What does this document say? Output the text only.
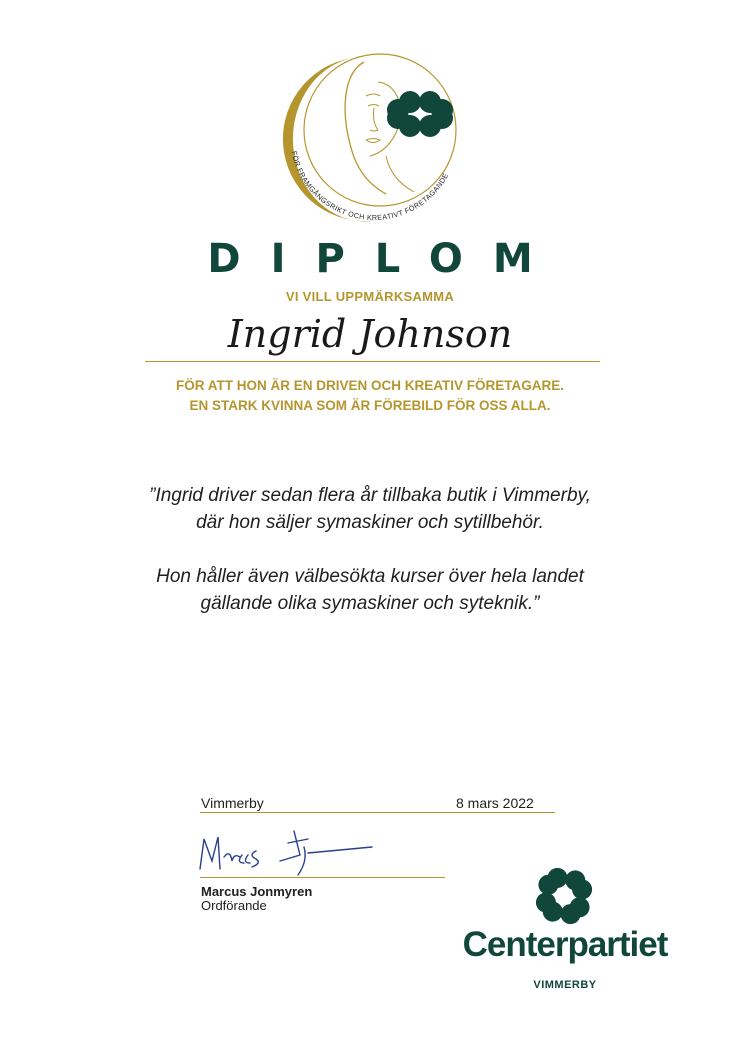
FÖR FRAMGÅNGSRIKT OCH KREATIVT FÖRETAGANDE
DIPLOM
VI VILL UPPMÄRKSAMMA
Ingrid Johnson
FÖR ATT HON ÄR EN DRIVEN OCH KREATIV FÖRETAGARE.
EN STARK KVINNA SOM ÄR FÖREBILD FÖR OSS ALLA.

”Ingrid driver sedan flera år tillbaka butik i Vimmerby,
där hon säljer symaskiner och sytillbehör.

Hon håller även välbesökta kurser över hela landet
gällande olika symaskiner och syteknik.”

Vimmerby	8 mars 2022
Marcus Jonmyren
Ordförande
Centerpartiet
VIMMERBY
